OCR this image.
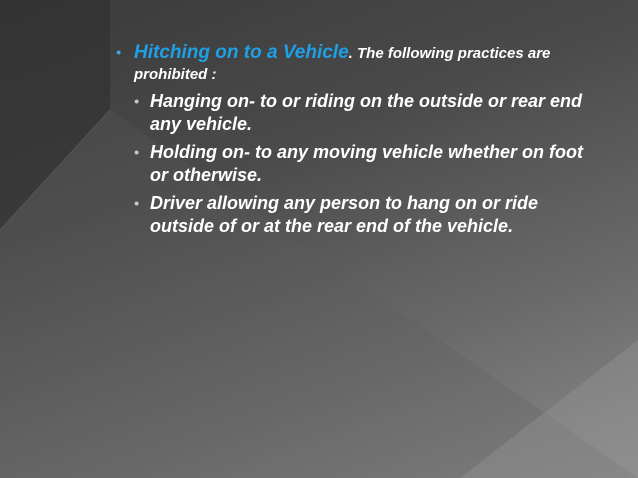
• Hitching on to a Vehicle. The following practices are prohibited :
• Hanging on- to or riding on the outside or rear end any vehicle.
• Holding on- to any moving vehicle whether on foot or otherwise.
• Driver allowing any person to hang on or ride outside of or at the rear end of the vehicle.
